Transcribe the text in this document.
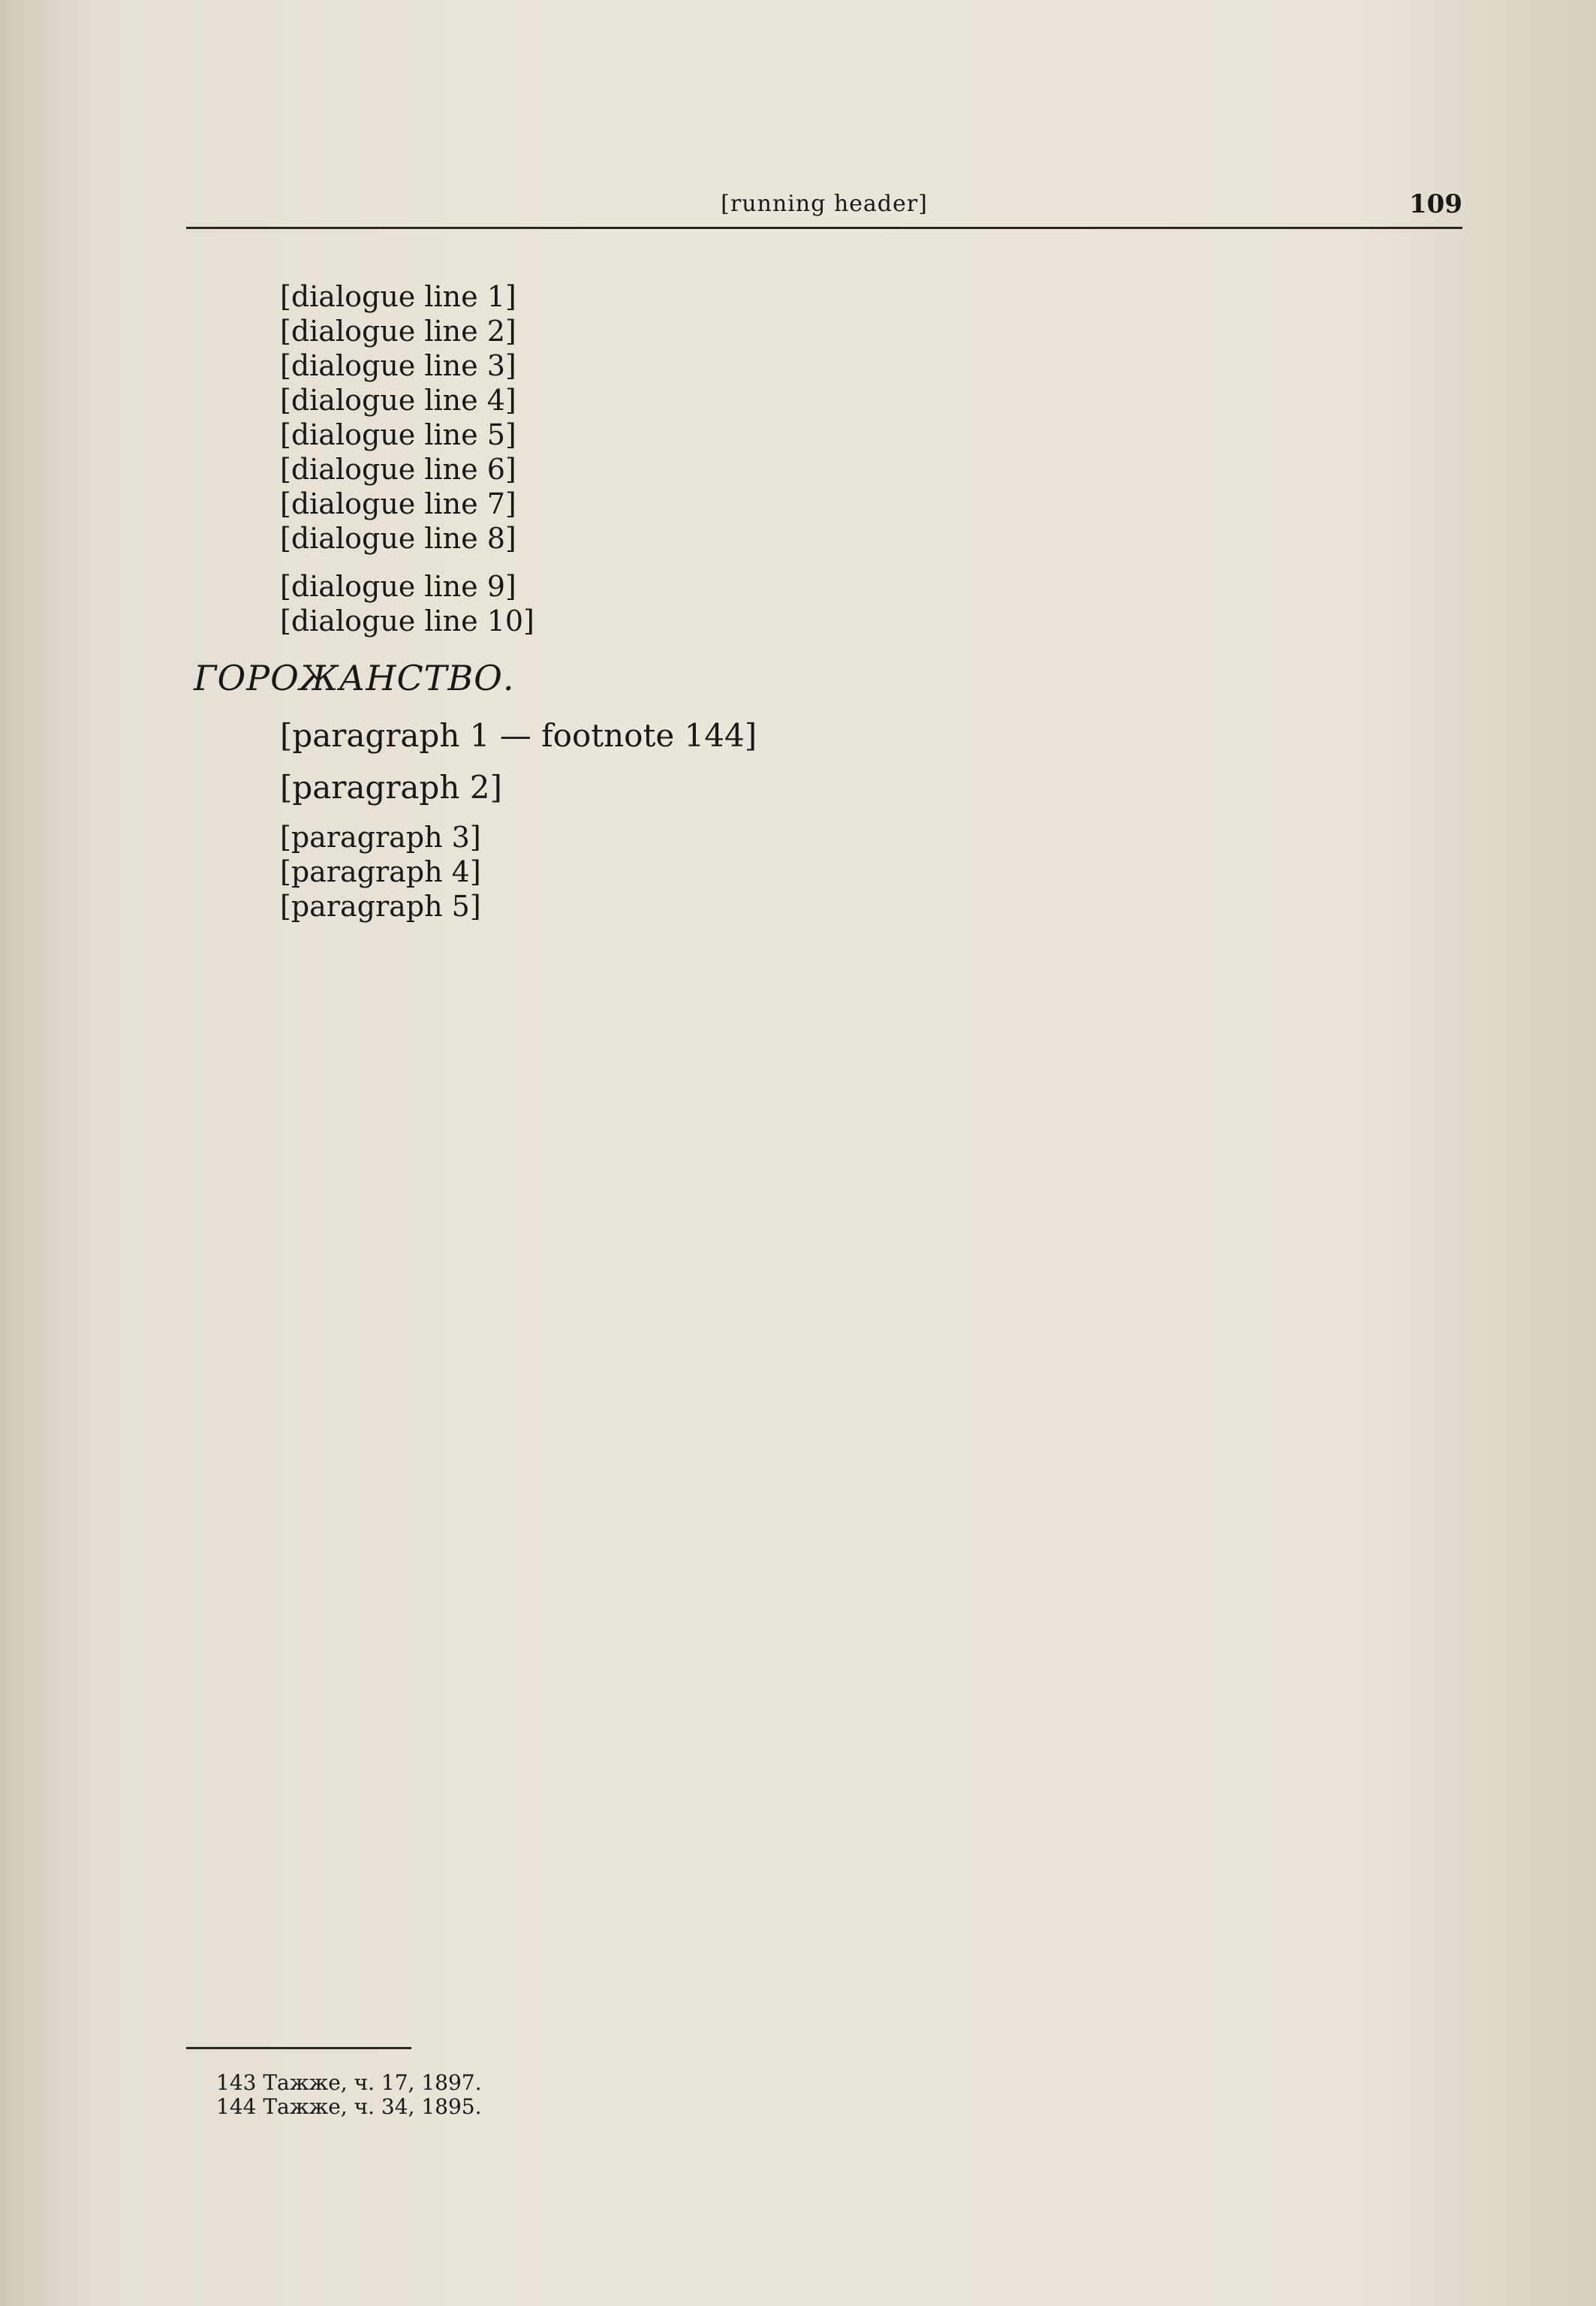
[running header]	109

[dialogue line 1]

[dialogue line 2]

[dialogue line 3]

[dialogue line 4]

[dialogue line 5]

[dialogue line 6]

[dialogue line 7]

[dialogue line 8]

[dialogue line 9]

[dialogue line 10]

ГОРОЖАНСТВО.

[paragraph 1 — footnote 144]

[paragraph 2]

[paragraph 3]

[paragraph 4]

[paragraph 5]

143 Тажже, ч. 17, 1897.
144 Тажже, ч. 34, 1895.
